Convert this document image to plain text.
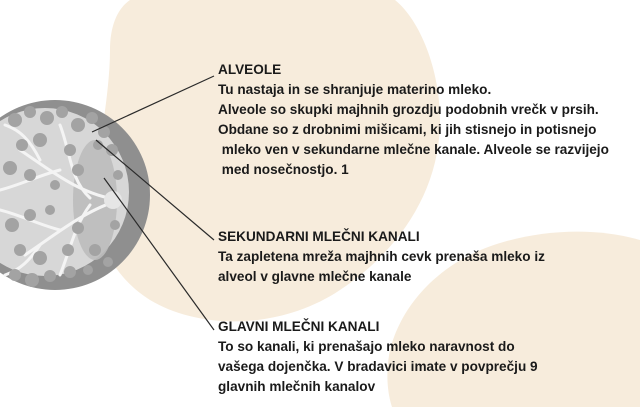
ALVEOLE
Tu nastaja in se shranjuje materino mleko.
Alveole so skupki majhnih grozdju podobnih vrečk v prsih.
Obdane so z drobnimi mišicami, ki jih stisnejo in potisnejo
mleko ven v sekundarne mlečne kanale. Alveole se razvijejo
med nosečnostjo. 1
SEKUNDARNI MLEČNI KANALI
Ta zapletena mreža majhnih cevk prenaša mleko iz
alveol v glavne mlečne kanale
GLAVNI MLEČNI KANALI
To so kanali, ki prenašajo mleko naravnost do
vašega dojenčka. V bradavici imate v povprečju 9
glavnih mlečnih kanalov
